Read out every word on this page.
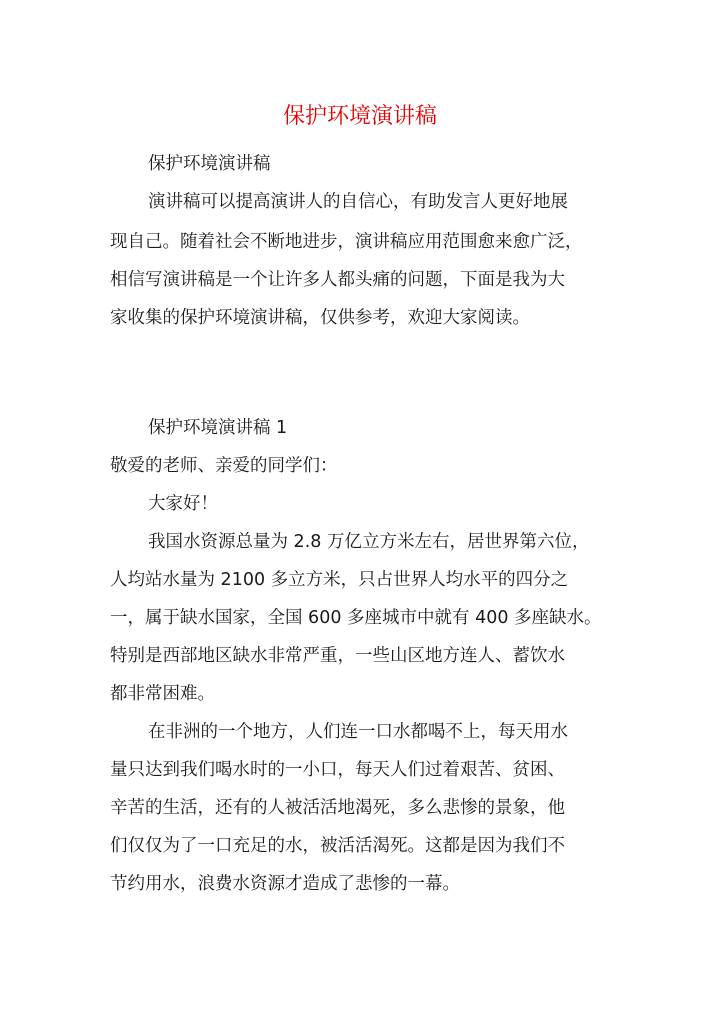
保护环境演讲稿
保护环境演讲稿
演讲稿可以提高演讲人的自信心，有助发言人更好地展
现自己。随着社会不断地进步，演讲稿应用范围愈来愈广泛，
相信写演讲稿是一个让许多人都头痛的问题，下面是我为大
家收集的保护环境演讲稿，仅供参考，欢迎大家阅读。
保护环境演讲稿 1
敬爱的老师、亲爱的同学们：
大家好！
我国水资源总量为 2.8 万亿立方米左右，居世界第六位，
人均站水量为 2100 多立方米，只占世界人均水平的四分之
一，属于缺水国家，全国 600 多座城市中就有 400 多座缺水。
特别是西部地区缺水非常严重，一些山区地方连人、蓄饮水
都非常困难。
在非洲的一个地方，人们连一口水都喝不上，每天用水
量只达到我们喝水时的一小口，每天人们过着艰苦、贫困、
辛苦的生活，还有的人被活活地渴死，多么悲惨的景象，他
们仅仅为了一口充足的水，被活活渴死。这都是因为我们不
节约用水，浪费水资源才造成了悲惨的一幕。
